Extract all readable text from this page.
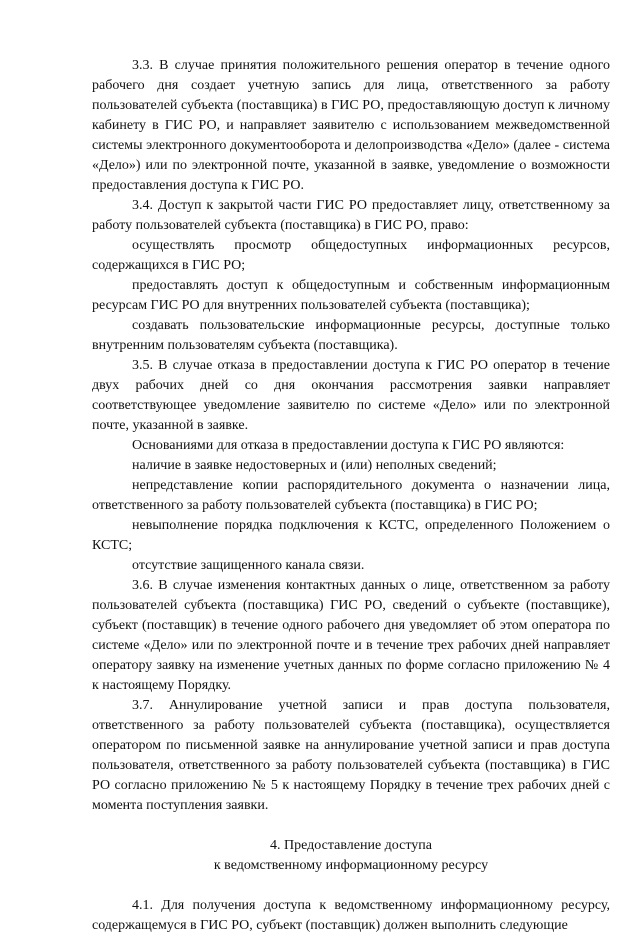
3.3. В случае принятия положительного решения оператор в течение одного рабочего дня создает учетную запись для лица, ответственного за работу пользователей субъекта (поставщика) в ГИС РО, предоставляющую доступ к личному кабинету в ГИС РО, и направляет заявителю с использованием межведомственной системы электронного документооборота и делопроизводства «Дело» (далее - система «Дело») или по электронной почте, указанной в заявке, уведомление о возможности предоставления доступа к ГИС РО.

3.4. Доступ к закрытой части ГИС РО предоставляет лицу, ответственному за работу пользователей субъекта (поставщика) в ГИС РО, право:

осуществлять просмотр общедоступных информационных ресурсов, содержащихся в ГИС РО;

предоставлять доступ к общедоступным и собственным информационным ресурсам ГИС РО для внутренних пользователей субъекта (поставщика);

создавать пользовательские информационные ресурсы, доступные только внутренним пользователям субъекта (поставщика).

3.5. В случае отказа в предоставлении доступа к ГИС РО оператор в течение двух рабочих дней со дня окончания рассмотрения заявки направляет соответствующее уведомление заявителю по системе «Дело» или по электронной почте, указанной в заявке.

Основаниями для отказа в предоставлении доступа к ГИС РО являются:

наличие в заявке недостоверных и (или) неполных сведений;

непредставление копии распорядительного документа о назначении лица, ответственного за работу пользователей субъекта (поставщика) в ГИС РО;

невыполнение порядка подключения к КСТС, определенного Положением о КСТС;

отсутствие защищенного канала связи.

3.6. В случае изменения контактных данных о лице, ответственном за работу пользователей субъекта (поставщика) ГИС РО, сведений о субъекте (поставщике), субъект (поставщик) в течение одного рабочего дня уведомляет об этом оператора по системе «Дело» или по электронной почте и в течение трех рабочих дней направляет оператору заявку на изменение учетных данных по форме согласно приложению № 4 к настоящему Порядку.

3.7. Аннулирование учетной записи и прав доступа пользователя, ответственного за работу пользователей субъекта (поставщика), осуществляется оператором по письменной заявке на аннулирование учетной записи и прав доступа пользователя, ответственного за работу пользователей субъекта (поставщика) в ГИС РО согласно приложению № 5 к настоящему Порядку в течение трех рабочих дней с момента поступления заявки.

4. Предоставление доступа
к ведомственному информационному ресурсу

4.1. Для получения доступа к ведомственному информационному ресурсу, содержащемуся в ГИС РО, субъект (поставщик) должен выполнить следующие
